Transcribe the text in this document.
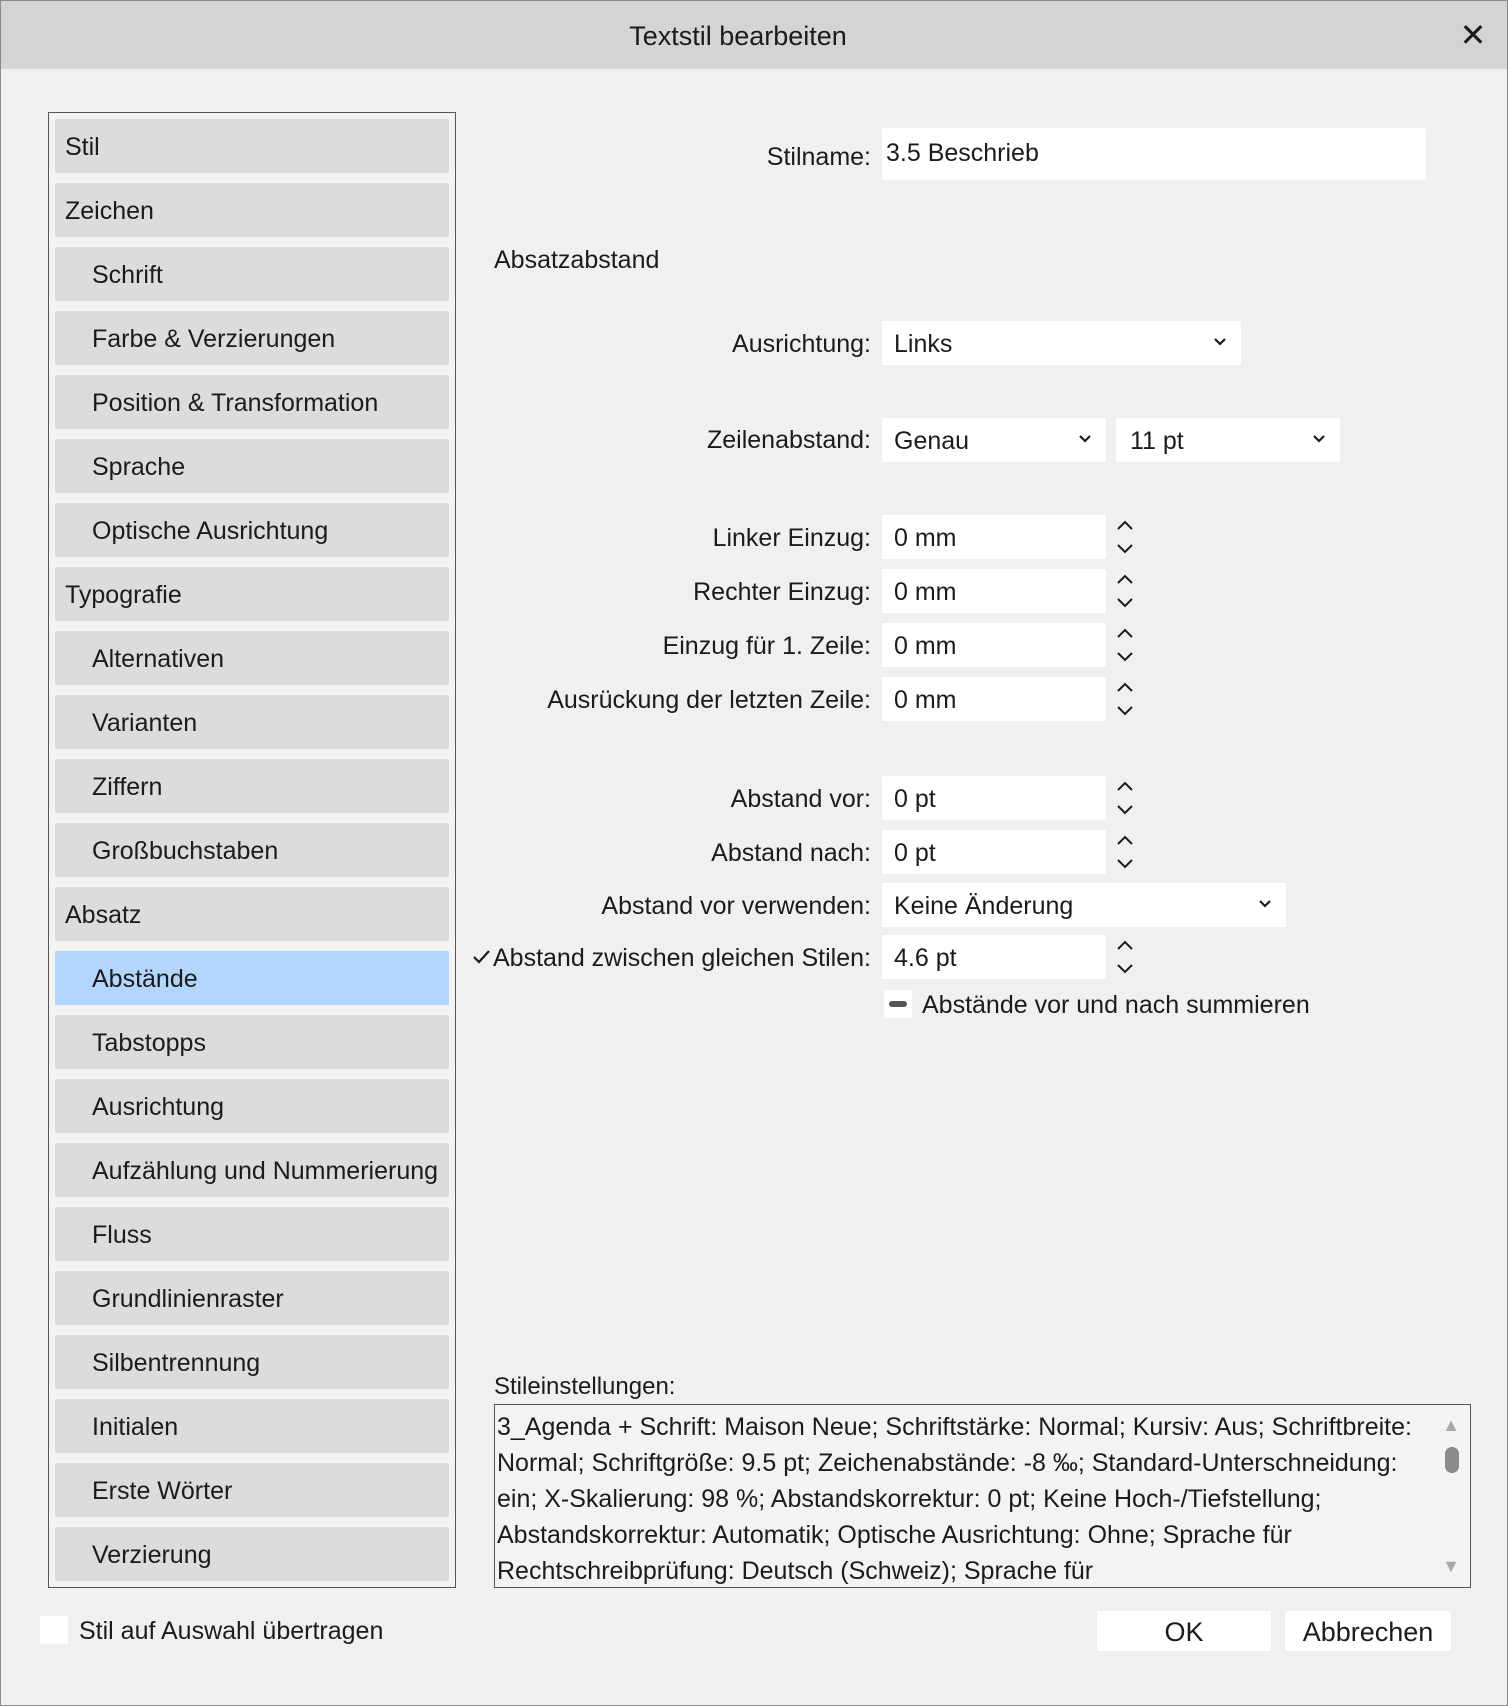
Textstil bearbeiten	✕
Stil
Zeichen
Schrift
Farbe & Verzierungen
Position & Transformation
Sprache
Optische Ausrichtung
Typografie
Alternativen
Varianten
Ziffern
Großbuchstaben
Absatz
Abstände
Tabstopps
Ausrichtung
Aufzählung und Nummerierung
Fluss
Grundlinienraster
Silbentrennung
Initialen
Erste Wörter
Verzierung
Stilname: 3.5 Beschrieb
Absatzabstand
Ausrichtung: Links
Zeilenabstand: Genau	11 pt
Linker Einzug: 0 mm
Rechter Einzug: 0 mm
Einzug für 1. Zeile: 0 mm
Ausrückung der letzten Zeile: 0 mm
Abstand vor: 0 pt
Abstand nach: 0 pt
Abstand vor verwenden: Keine Änderung
Abstand zwischen gleichen Stilen: 4.6 pt
Abstände vor und nach summieren
Stileinstellungen:
3_Agenda + Schrift: Maison Neue; Schriftstärke: Normal; Kursiv: Aus; Schriftbreite: Normal; Schriftgröße: 9.5 pt; Zeichenabstände: -8 ‰; Standard-Unterschneidung: ein; X-Skalierung: 98 %; Abstandskorrektur: 0 pt; Keine Hoch-/Tiefstellung; Abstandskorrektur: Automatik; Optische Ausrichtung: Ohne; Sprache für Rechtschreibprüfung: Deutsch (Schweiz); Sprache für
▲
▼
Stil auf Auswahl übertragen	OK	Abbrechen
